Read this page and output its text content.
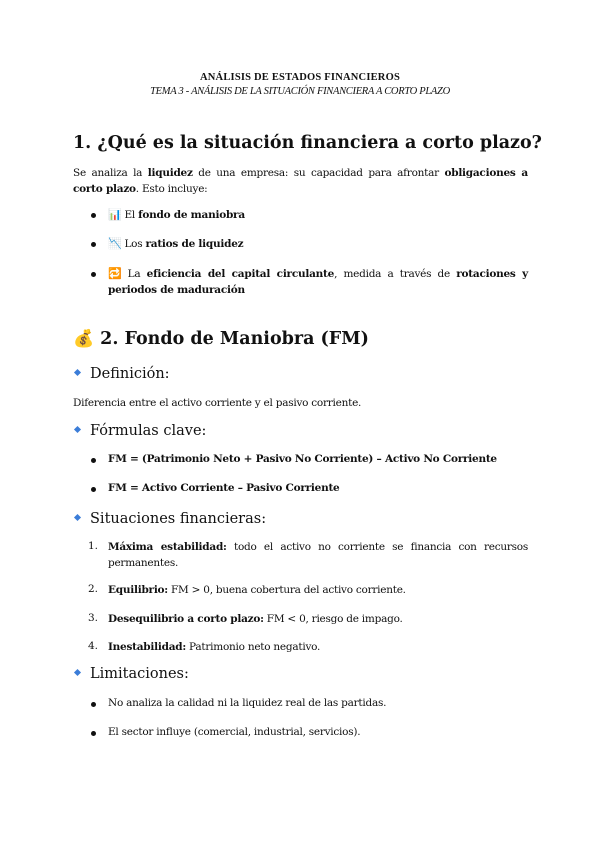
ANÁLISIS DE ESTADOS FINANCIEROS
TEMA 3 - ANÁLISIS DE LA SITUACIÓN FINANCIERA A CORTO PLAZO
1. ¿Qué es la situación financiera a corto plazo?
Se analiza la liquidez de una empresa: su capacidad para afrontar obligaciones a corto plazo. Esto incluye:
📊 El fondo de maniobra
📉 Los ratios de liquidez
🔁 La eficiencia del capital circulante, medida a través de rotaciones y periodos de maduración
💰 2. Fondo de Maniobra (FM)
Definición:
Diferencia entre el activo corriente y el pasivo corriente.
Fórmulas clave:
FM = (Patrimonio Neto + Pasivo No Corriente) – Activo No Corriente
FM = Activo Corriente – Pasivo Corriente
Situaciones financieras:
1. Máxima estabilidad: todo el activo no corriente se financia con recursos permanentes.
2. Equilibrio: FM > 0, buena cobertura del activo corriente.
3. Desequilibrio a corto plazo: FM < 0, riesgo de impago.
4. Inestabilidad: Patrimonio neto negativo.
Limitaciones:
No analiza la calidad ni la liquidez real de las partidas.
El sector influye (comercial, industrial, servicios).
